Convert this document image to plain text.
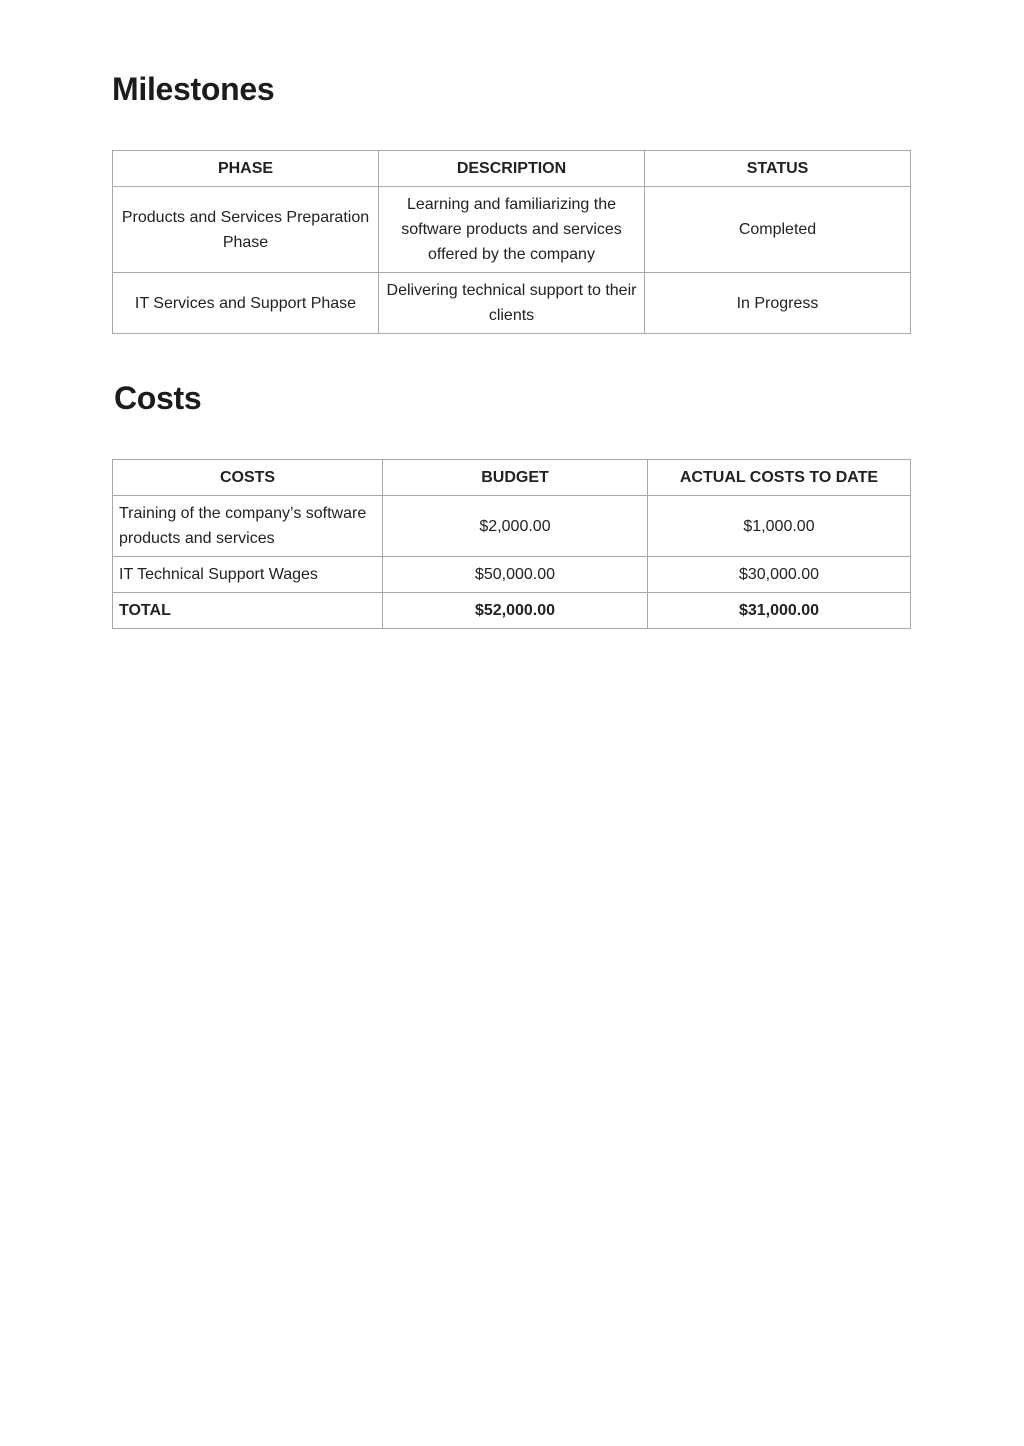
Milestones
PHASE	DESCRIPTION	STATUS
Products and Services Preparation Phase	Learning and familiarizing the software products and services offered by the company	Completed
IT Services and Support Phase	Delivering technical support to their clients	In Progress
Costs
COSTS	BUDGET	ACTUAL COSTS TO DATE
Training of the company’s software products and services	$2,000.00	$1,000.00
IT Technical Support Wages	$50,000.00	$30,000.00
TOTAL	$52,000.00	$31,000.00
